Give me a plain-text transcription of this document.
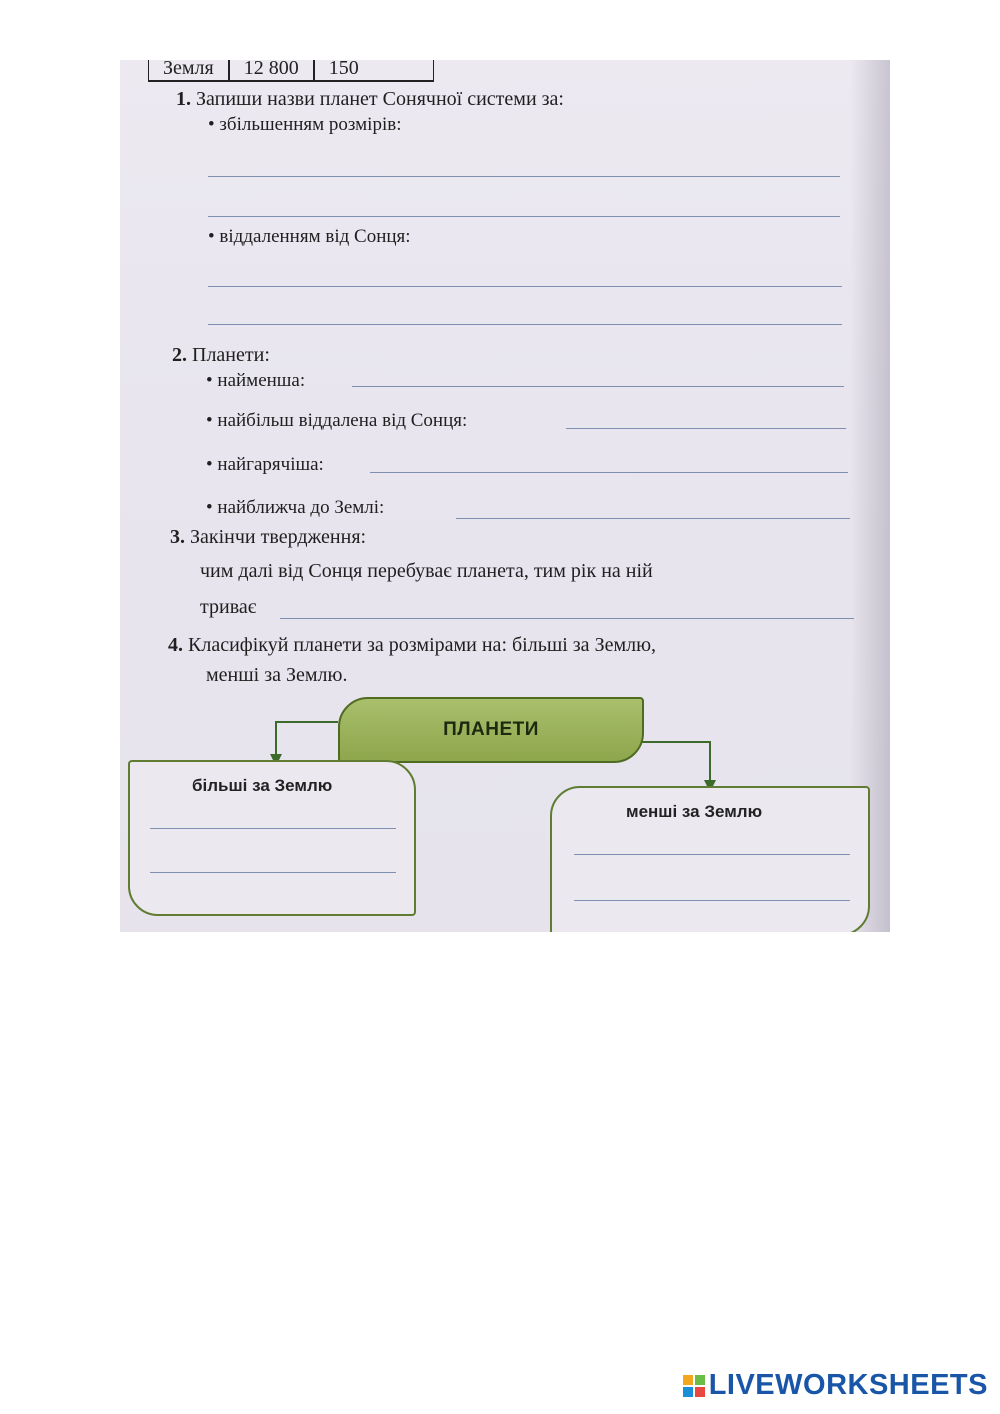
Земля	12 800	150
1. Запиши назви планет Сонячної системи за:
• збільшенням розмірів:
• віддаленням від Сонця:
2. Планети:
• найменша:
• найбільш віддалена від Сонця:
• найгарячіша:
• найближча до Землі:
3. Закінчи твердження:
чим далі від Сонця перебуває планета, тим рік на ній
триває
4. Класифікуй планети за розмірами на: більші за Землю,
менші за Землю.
ПЛАНЕТИ
більші за Землю
менші за Землю
LIVEWORKSHEETS
